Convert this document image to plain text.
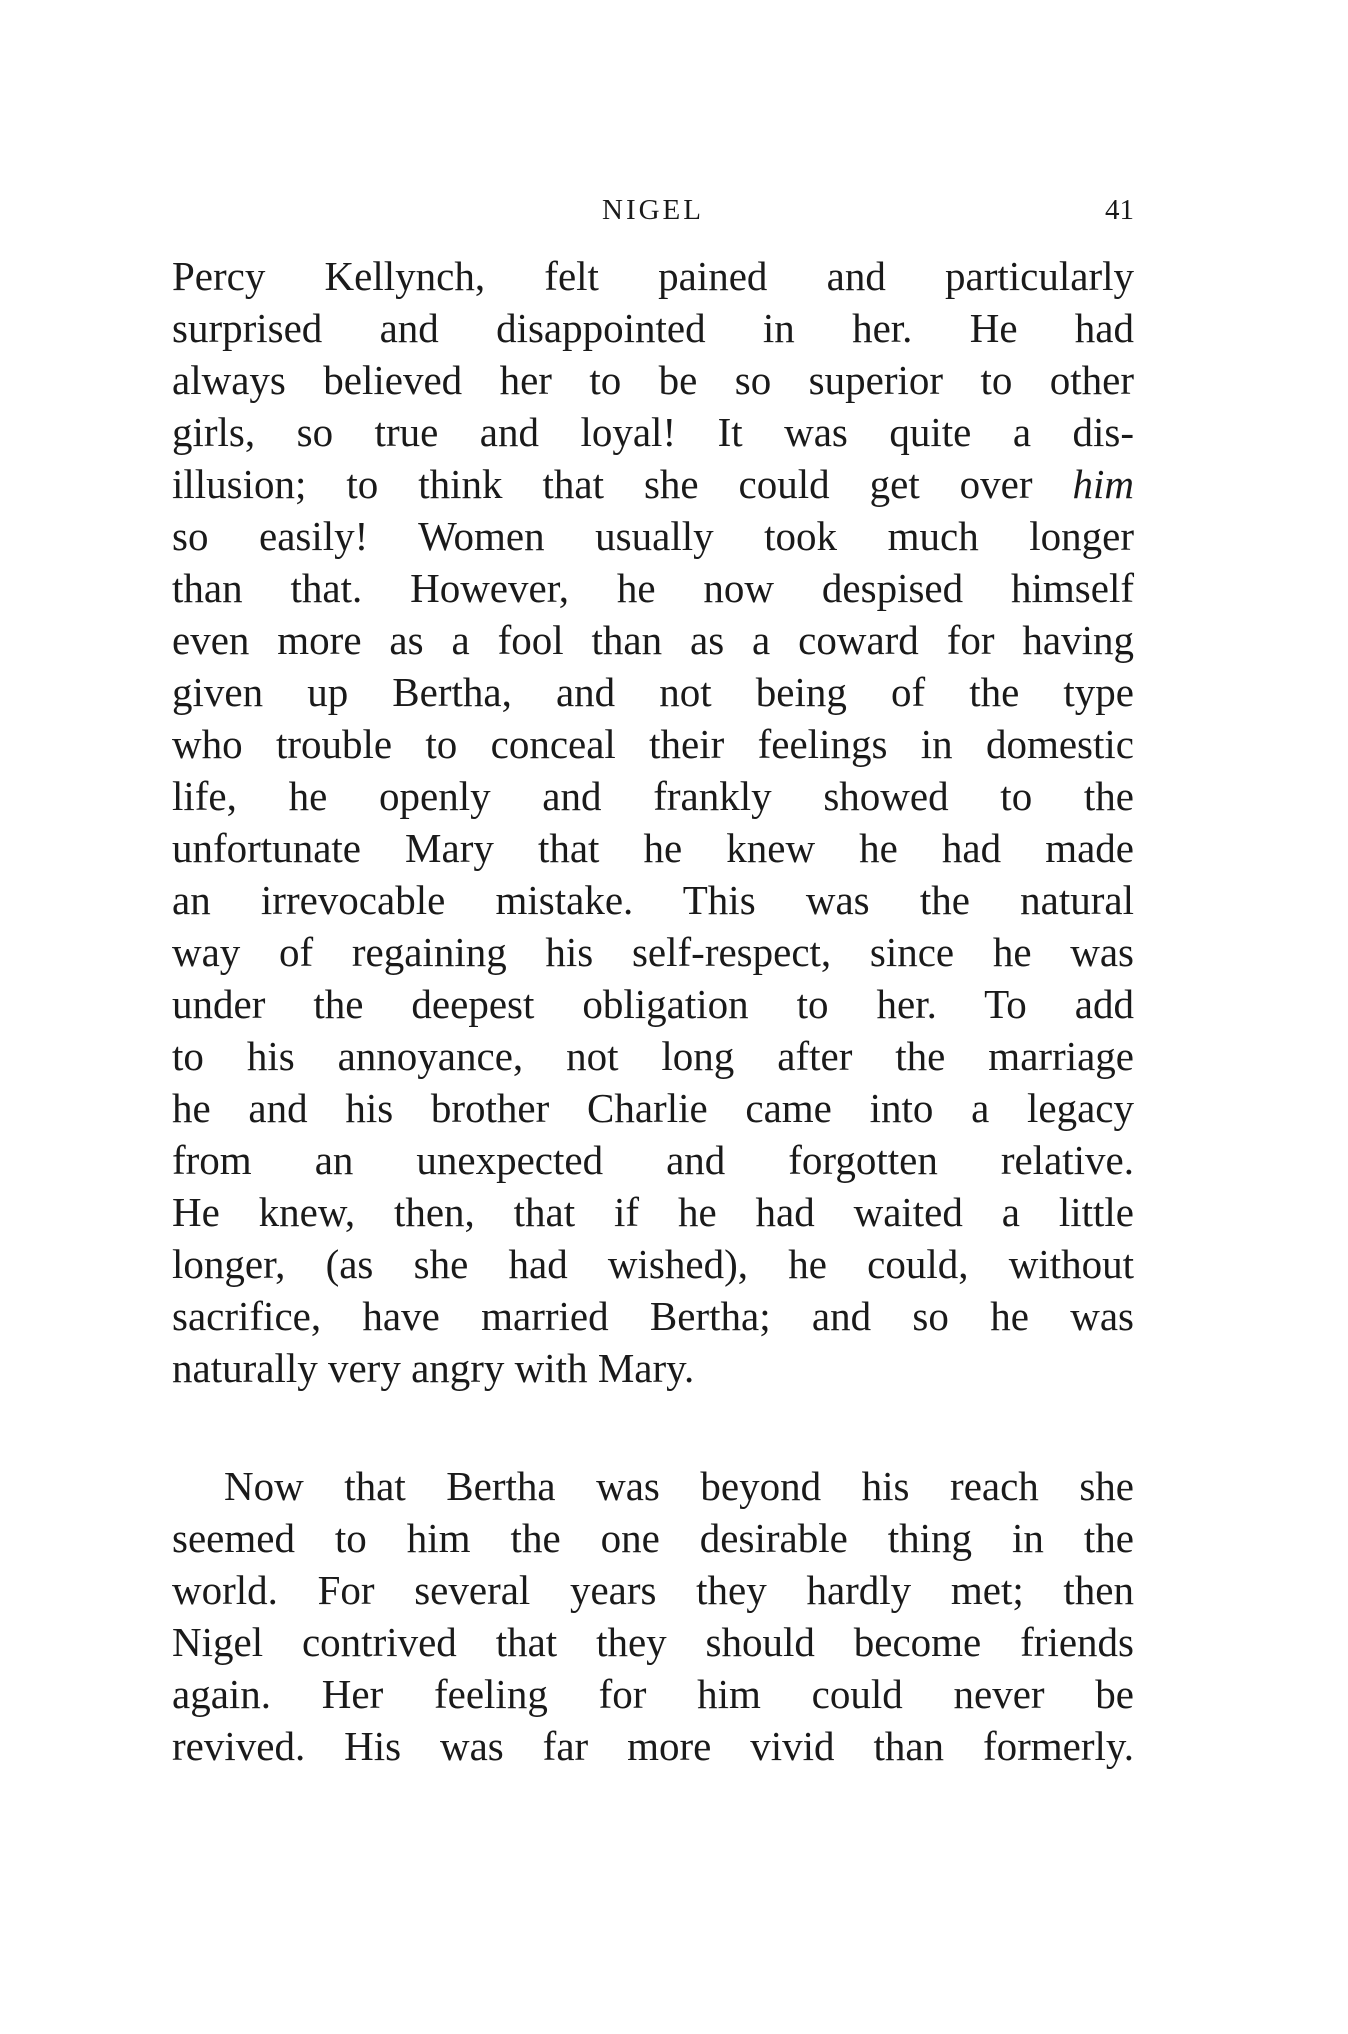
NIGEL	41
Percy Kellynch, felt pained and particularly
surprised and disappointed in her. He had
always believed her to be so superior to other
girls, so true and loyal! It was quite a dis-
illusion; to think that she could get over him
so easily! Women usually took much longer
than that. However, he now despised himself
even more as a fool than as a coward for having
given up Bertha, and not being of the type
who trouble to conceal their feelings in domestic
life, he openly and frankly showed to the
unfortunate Mary that he knew he had made
an irrevocable mistake. This was the natural
way of regaining his self-respect, since he was
under the deepest obligation to her. To add
to his annoyance, not long after the marriage
he and his brother Charlie came into a legacy
from an unexpected and forgotten relative.
He knew, then, that if he had waited a little
longer, (as she had wished), he could, without
sacrifice, have married Bertha; and so he was
naturally very angry with Mary.
Now that Bertha was beyond his reach she
seemed to him the one desirable thing in the
world. For several years they hardly met; then
Nigel contrived that they should become friends
again. Her feeling for him could never be
revived. His was far more vivid than formerly.
